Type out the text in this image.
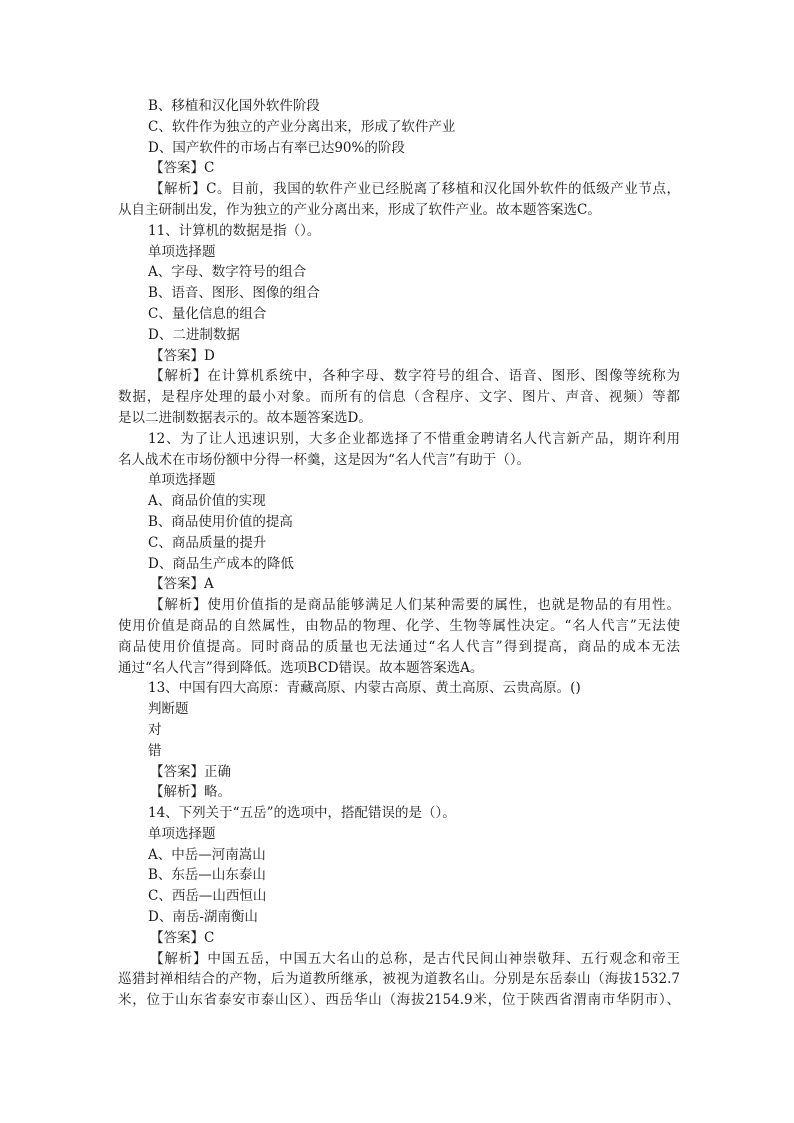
B、移植和汉化国外软件阶段
C、软件作为独立的产业分离出来，形成了软件产业
D、国产软件的市场占有率已达90%的阶段
【答案】C
【解析】C。目前，我国的软件产业已经脱离了移植和汉化国外软件的低级产业节点，
从自主研制出发，作为独立的产业分离出来，形成了软件产业。故本题答案选C。
11、计算机的数据是指（）。
单项选择题
A、字母、数字符号的组合
B、语音、图形、图像的组合
C、量化信息的组合
D、二进制数据
【答案】D
【解析】在计算机系统中，各种字母、数字符号的组合、语音、图形、图像等统称为
数据，是程序处理的最小对象。而所有的信息（含程序、文字、图片、声音、视频）等都
是以二进制数据表示的。故本题答案选D。
12、为了让人迅速识别，大多企业都选择了不惜重金聘请名人代言新产品，期许利用
名人战术在市场份额中分得一杯羹，这是因为“名人代言”有助于（）。
单项选择题
A、商品价值的实现
B、商品使用价值的提高
C、商品质量的提升
D、商品生产成本的降低
【答案】A
【解析】使用价值指的是商品能够满足人们某种需要的属性，也就是物品的有用性。
使用价值是商品的自然属性，由物品的物理、化学、生物等属性决定。“名人代言”无法使
商品使用价值提高。同时商品的质量也无法通过“名人代言”得到提高，商品的成本无法
通过“名人代言”得到降低。选项BCD错误。故本题答案选A。
13、中国有四大高原：青藏高原、内蒙古高原、黄土高原、云贵高原。()
判断题
对
错
【答案】正确
【解析】略。
14、下列关于“五岳”的选项中，搭配错误的是（）。
单项选择题
A、中岳—河南嵩山
B、东岳—山东泰山
C、西岳—山西恒山
D、南岳-湖南衡山
【答案】C
【解析】中国五岳，中国五大名山的总称，是古代民间山神崇敬拜、五行观念和帝王
巡猎封禅相结合的产物，后为道教所继承，被视为道教名山。分别是东岳泰山（海拔1532.7
米，位于山东省泰安市泰山区）、西岳华山（海拔2154.9米，位于陕西省渭南市华阴市）、
